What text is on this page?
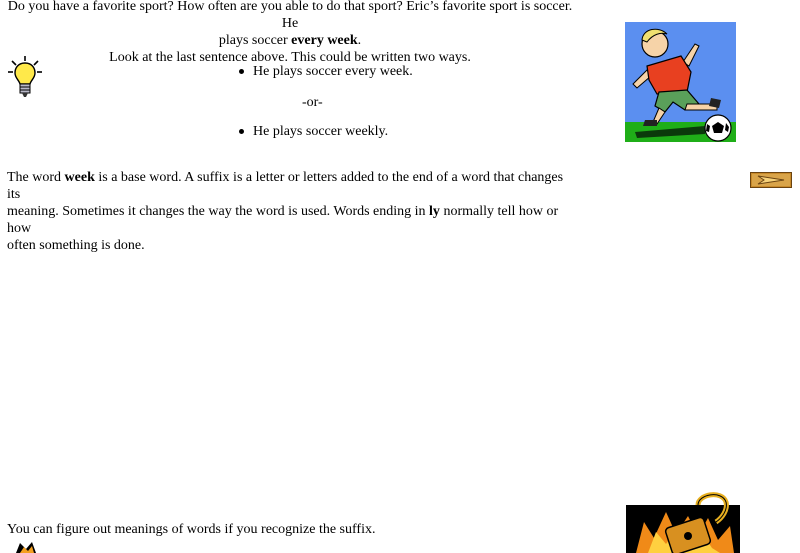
Do you have a favorite sport? How often are you able to do that sport? Eric’s favorite sport is soccer. He
plays soccer every week.
Look at the last sentence above. This could be written two ways.
He plays soccer every week.
-or-
He plays soccer weekly.
The word week is a base word. A suffix is a letter or letters added to the end of a word that changes its
meaning. Sometimes it changes the way the word is used. Words ending in ly normally tell how or how
often something is done.
You can figure out meanings of words if you recognize the suffix.
